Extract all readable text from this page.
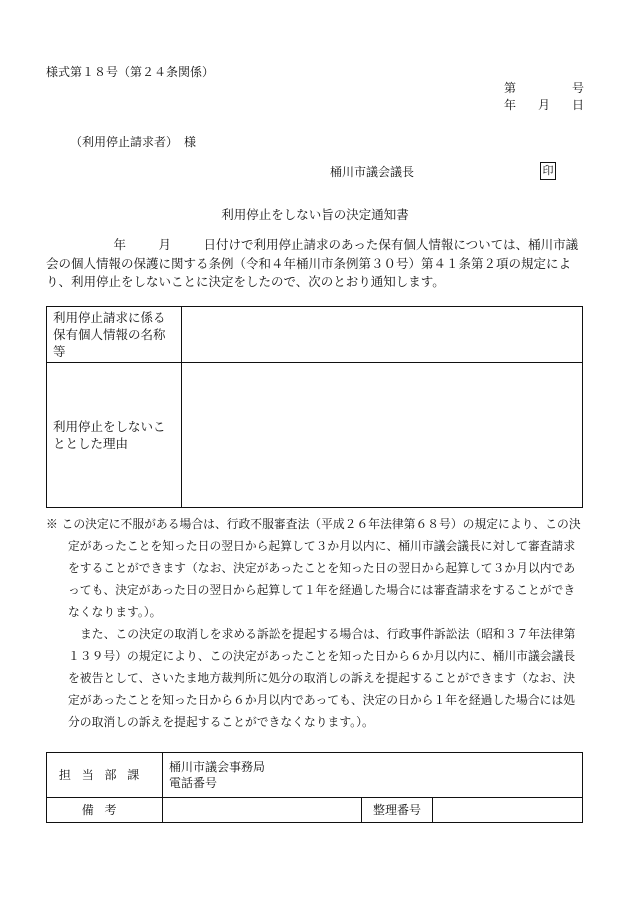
様式第１８号（第２４条関係）
第	号
年 月 日
（利用停止請求者）　様
桶川市議会議長	印
利用停止をしない旨の決定通知書
年	月	日付けで利用停止請求のあった保有個人情報については、桶川市議会の個人情報の保護に関する条例（令和４年桶川市条例第３０号）第４１条第２項の規定により、利用停止をしないことに決定をしたので、次のとおり通知します。
利用停止請求に係る保有個人情報の名称等	
利用停止をしないこととした理由	

※ この決定に不服がある場合は、行政不服審査法（平成２６年法律第６８号）の規定により、この決定があったことを知った日の翌日から起算して３か月以内に、桶川市議会議長に対して審査請求をすることができます（なお、決定があったことを知った日の翌日から起算して３か月以内であっても、決定があった日の翌日から起算して１年を経過した場合には審査請求をすることができなくなります。）。

また、この決定の取消しを求める訴訟を提起する場合は、行政事件訴訟法（昭和３７年法律第１３９号）の規定により、この決定があったことを知った日から６か月以内に、桶川市議会議長を被告として、さいたま地方裁判所に処分の取消しの訴えを提起することができます（なお、決定があったことを知った日から６か月以内であっても、決定の日から１年を経過した場合には処分の取消しの訴えを提起することができなくなります。）。

担当部課	桶川市議会事務局
電話番号		

備考		整理番号	
